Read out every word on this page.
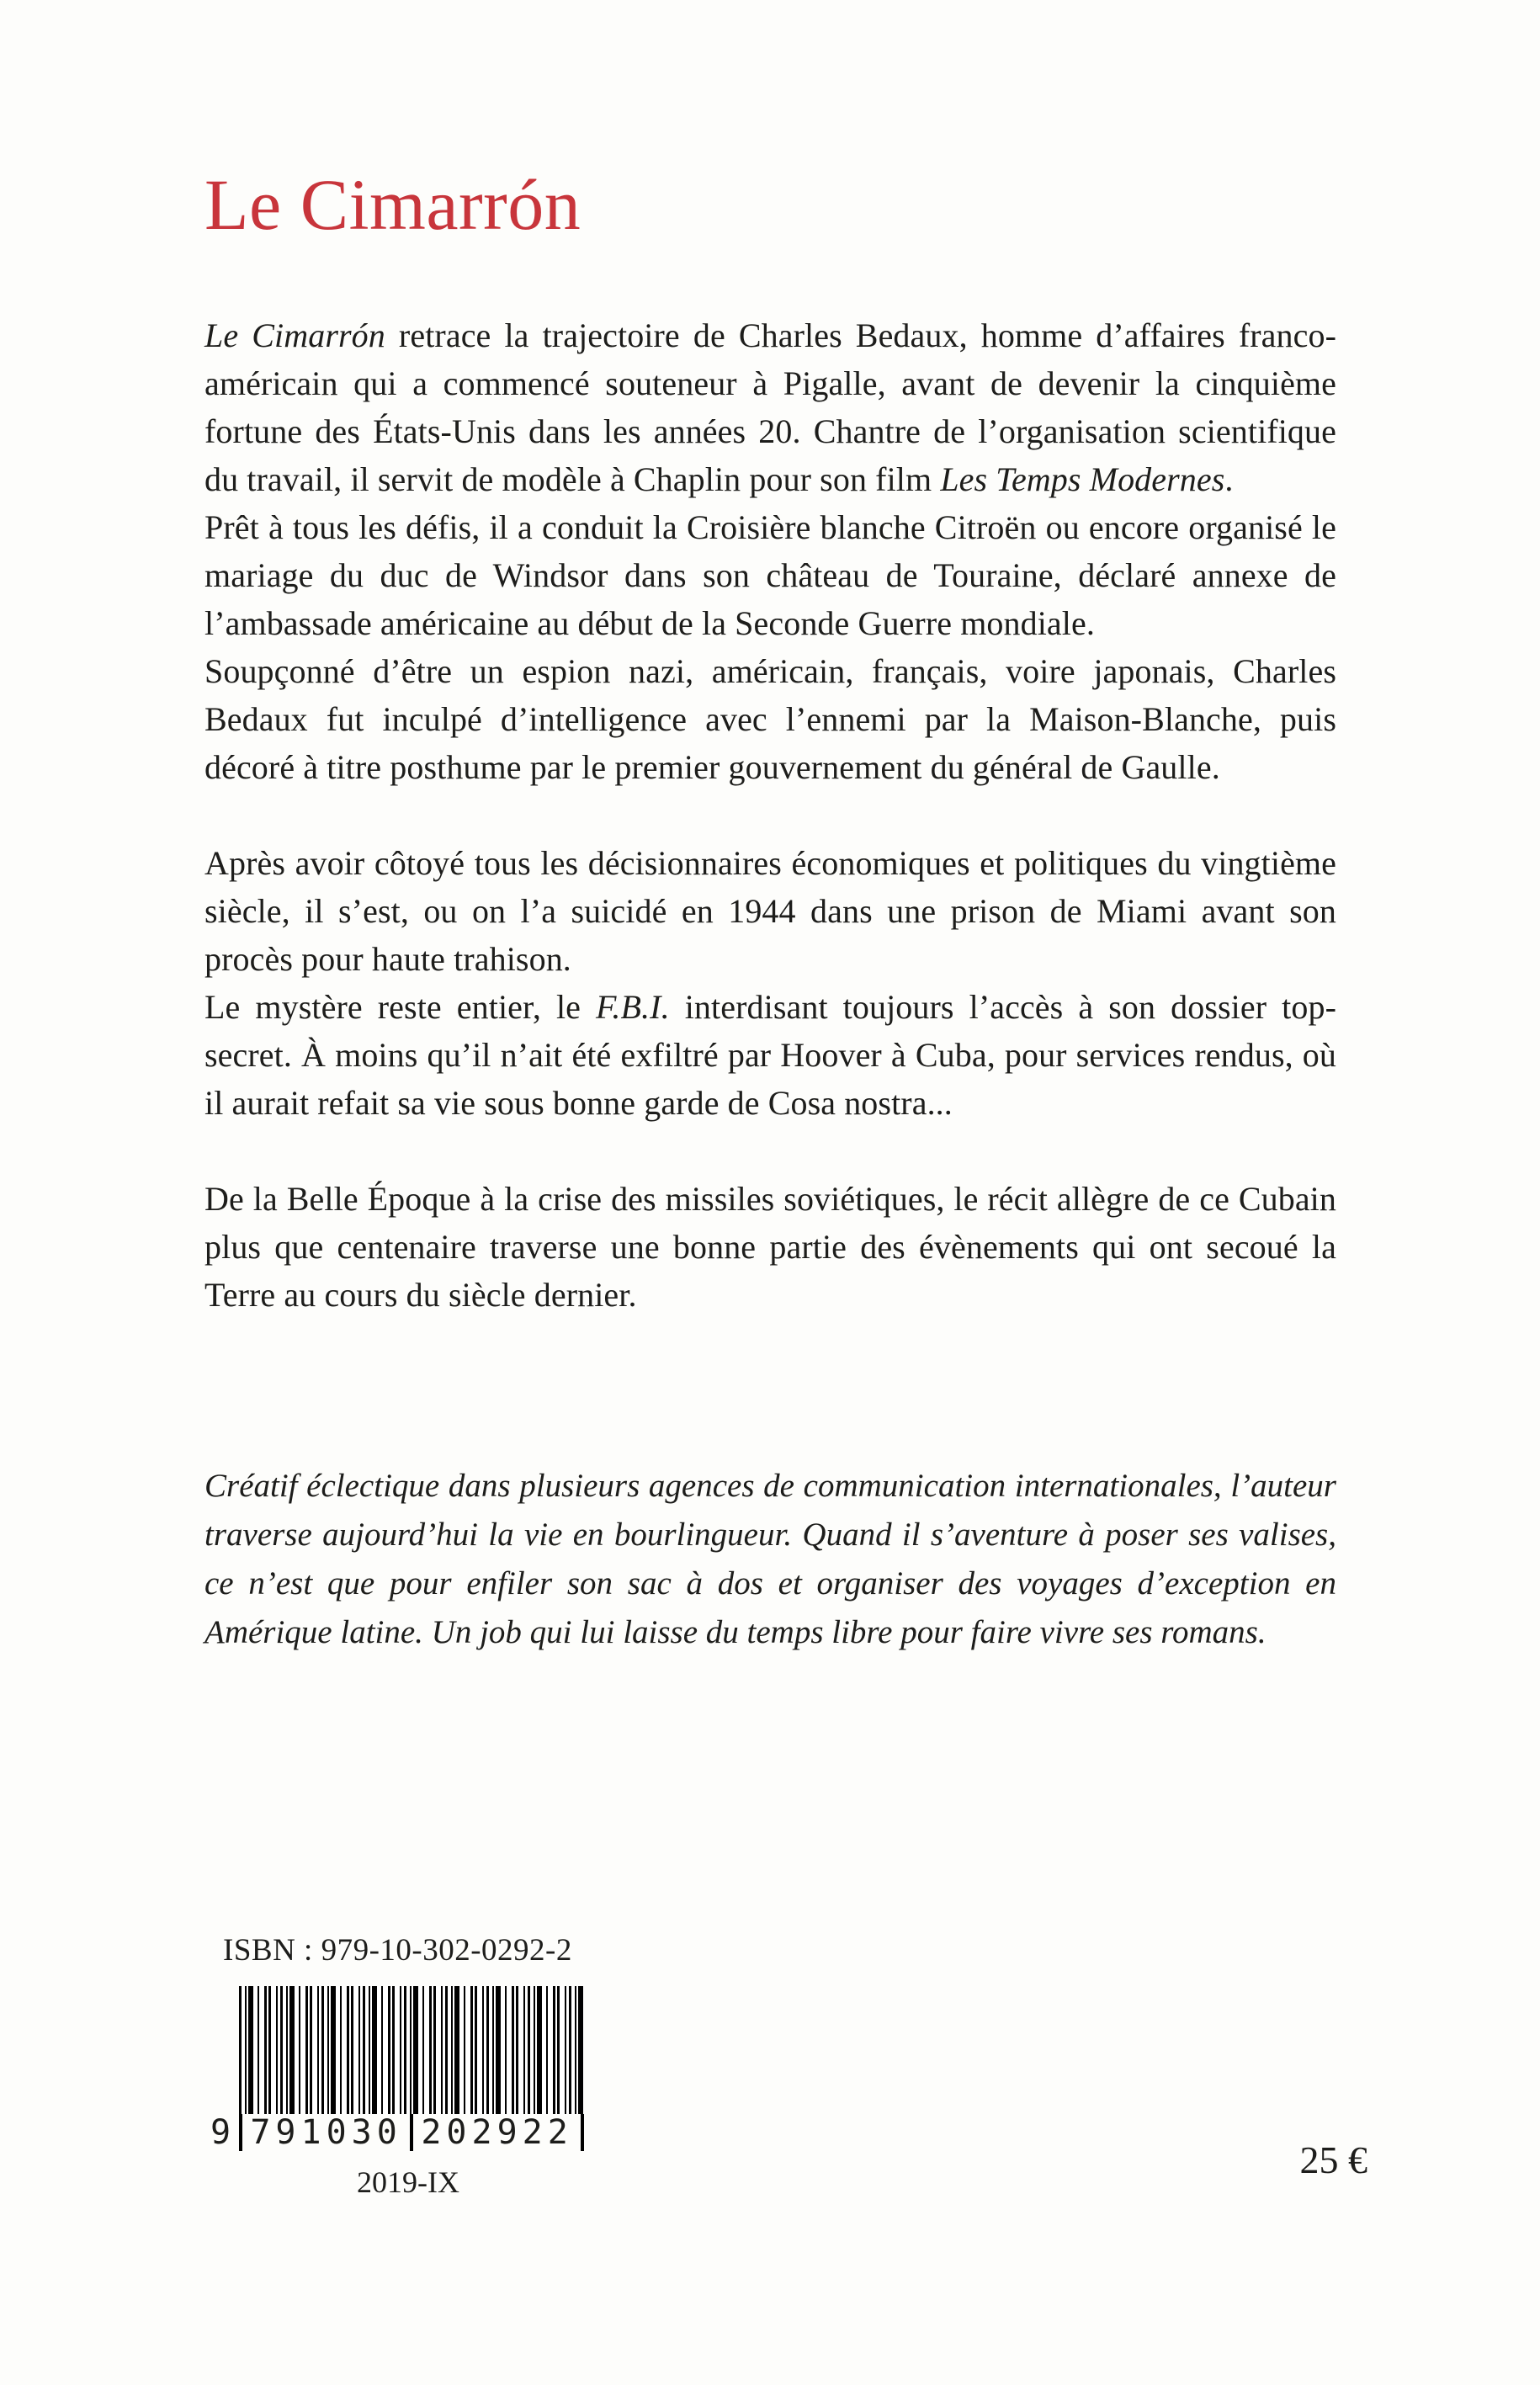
Le Cimarrón

Le Cimarrón retrace la trajectoire de Charles Bedaux, homme d’affaires franco-américain qui a commencé souteneur à Pigalle, avant de devenir la cinquième fortune des États-Unis dans les années 20. Chantre de l’organisation scientifique du travail, il servit de modèle à Chaplin pour son film Les Temps Modernes.

Prêt à tous les défis, il a conduit la Croisière blanche Citroën ou encore organisé le mariage du duc de Windsor dans son château de Touraine, déclaré annexe de l’ambassade américaine au début de la Seconde Guerre mondiale.

Soupçonné d’être un espion nazi, américain, français, voire japonais, Charles Bedaux fut inculpé d’intelligence avec l’ennemi par la Maison-Blanche, puis décoré à titre posthume par le premier gouvernement du général de Gaulle.

Après avoir côtoyé tous les décisionnaires économiques et politiques du vingtième siècle, il s’est, ou on l’a suicidé en 1944 dans une prison de Miami avant son procès pour haute trahison.

Le mystère reste entier, le F.B.I. interdisant toujours l’accès à son dossier top-secret. À moins qu’il n’ait été exfiltré par Hoover à Cuba, pour services rendus, où il aurait refait sa vie sous bonne garde de Cosa nostra...

De la Belle Époque à la crise des missiles soviétiques, le récit allègre de ce Cubain plus que centenaire traverse une bonne partie des évènements qui ont secoué la Terre au cours du siècle dernier.

Créatif éclectique dans plusieurs agences de communication internationales, l’auteur traverse aujourd’hui la vie en bourlingueur. Quand il s’aventure à poser ses valises, ce n’est que pour enfiler son sac à dos et organiser des voyages d’exception en Amérique latine. Un job qui lui laisse du temps libre pour faire vivre ses romans.

ISBN : 979-10-302-0292-2
9 791030 202922
2019-IX
25 €
